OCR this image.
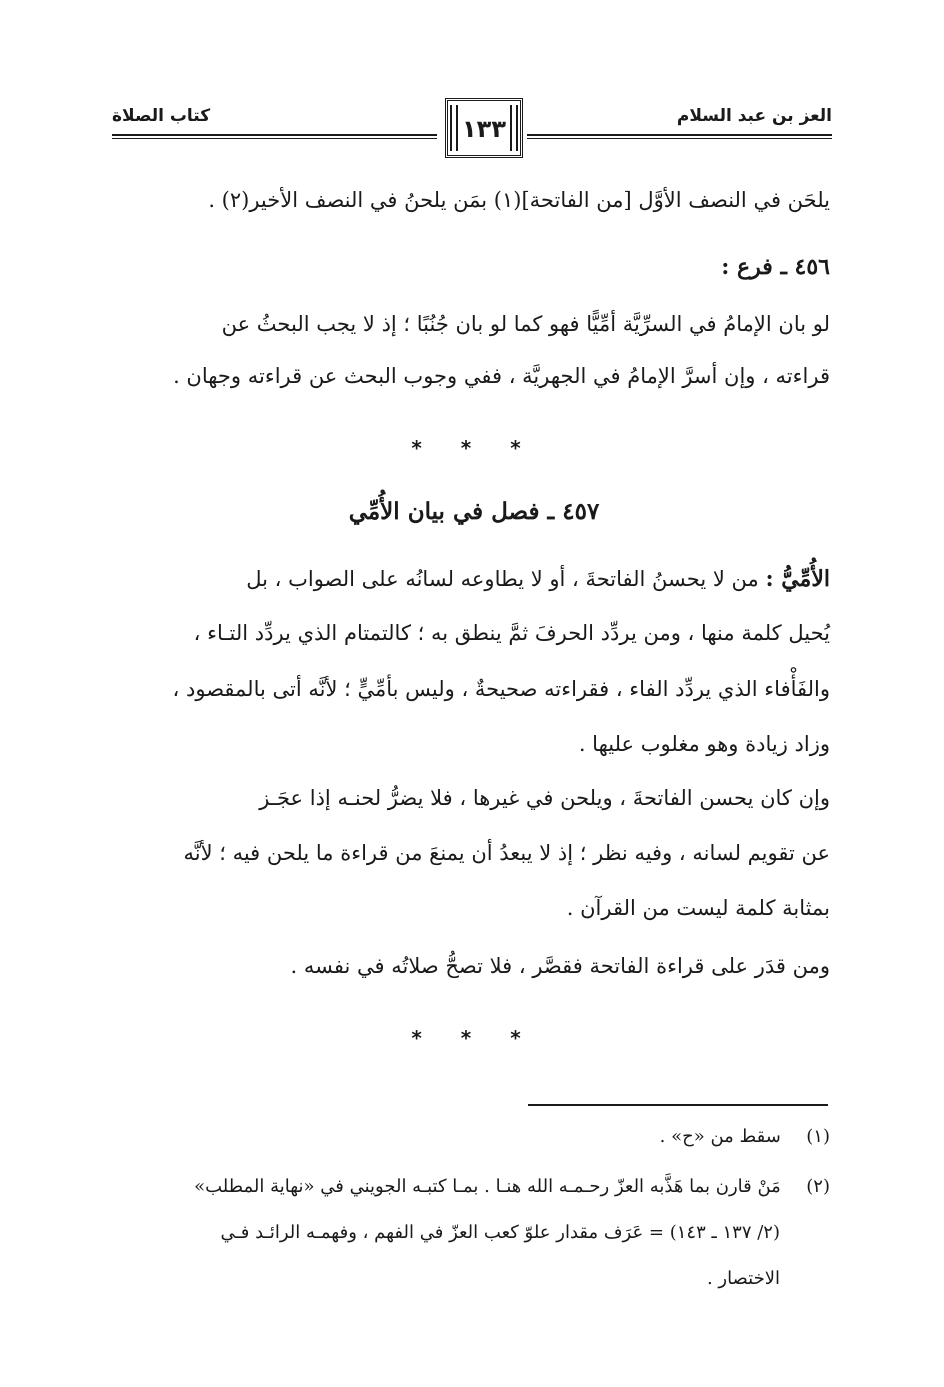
العز بن عبد السلام
كتاب الصلاة	١٣٣
يلحَن في النصف الأوَّل [من الفاتحة](١) بمَن يلحنُ في النصف الأخير(٢) .
٤٥٦ ـ فرع :
لو بان الإمامُ في السرِّيَّة أمِّيًّا فهو كما لو بان جُنُبًا ؛ إذ لا يجب البحثُ عن
قراءته ، وإن أسرَّ الإمامُ في الجهريَّة ، ففي وجوب البحث عن قراءته وجهان .
* * *
٤٥٧ ـ فصل في بيان الأُمِّي
الأُمِّيُّ : من لا يحسنُ الفاتحةَ ، أو لا يطاوعه لسانُه على الصواب ، بل
يُحيل كلمة منها ، ومن يردِّد الحرفَ ثمَّ ينطق به ؛ كالتمتام الذي يردِّد التـاء ،
والفَأْفاء الذي يردِّد الفاء ، فقراءته صحيحةٌ ، وليس بأمِّيٍّ ؛ لأنَّه أتى بالمقصود ،
وزاد زيادة وهو مغلوب عليها .
وإن كان يحسن الفاتحةَ ، ويلحن في غيرها ، فلا يضرُّ لحنـه إذا عجَـز
عن تقويم لسانه ، وفيه نظر ؛ إذ لا يبعدُ أن يمنعَ من قراءة ما يلحن فيه ؛ لأنَّه
بمثابة كلمة ليست من القرآن .
ومن قدَر على قراءة الفاتحة فقصَّر ، فلا تصحُّ صلاتُه في نفسه .
* * *
(١)  سقط من «ح» .
(٢)  مَنْ قارن بما هَذَّبه العزّ رحـمـه الله هنـا . بمـا كتبـه الجويني في «نهاية المطلب»
(٢/ ١٣٧ ـ ١٤٣) = عَرَف مقدار علوّ كعب العزّ في الفهم ، وفهمـه الرائـد فـي
الاختصار .
